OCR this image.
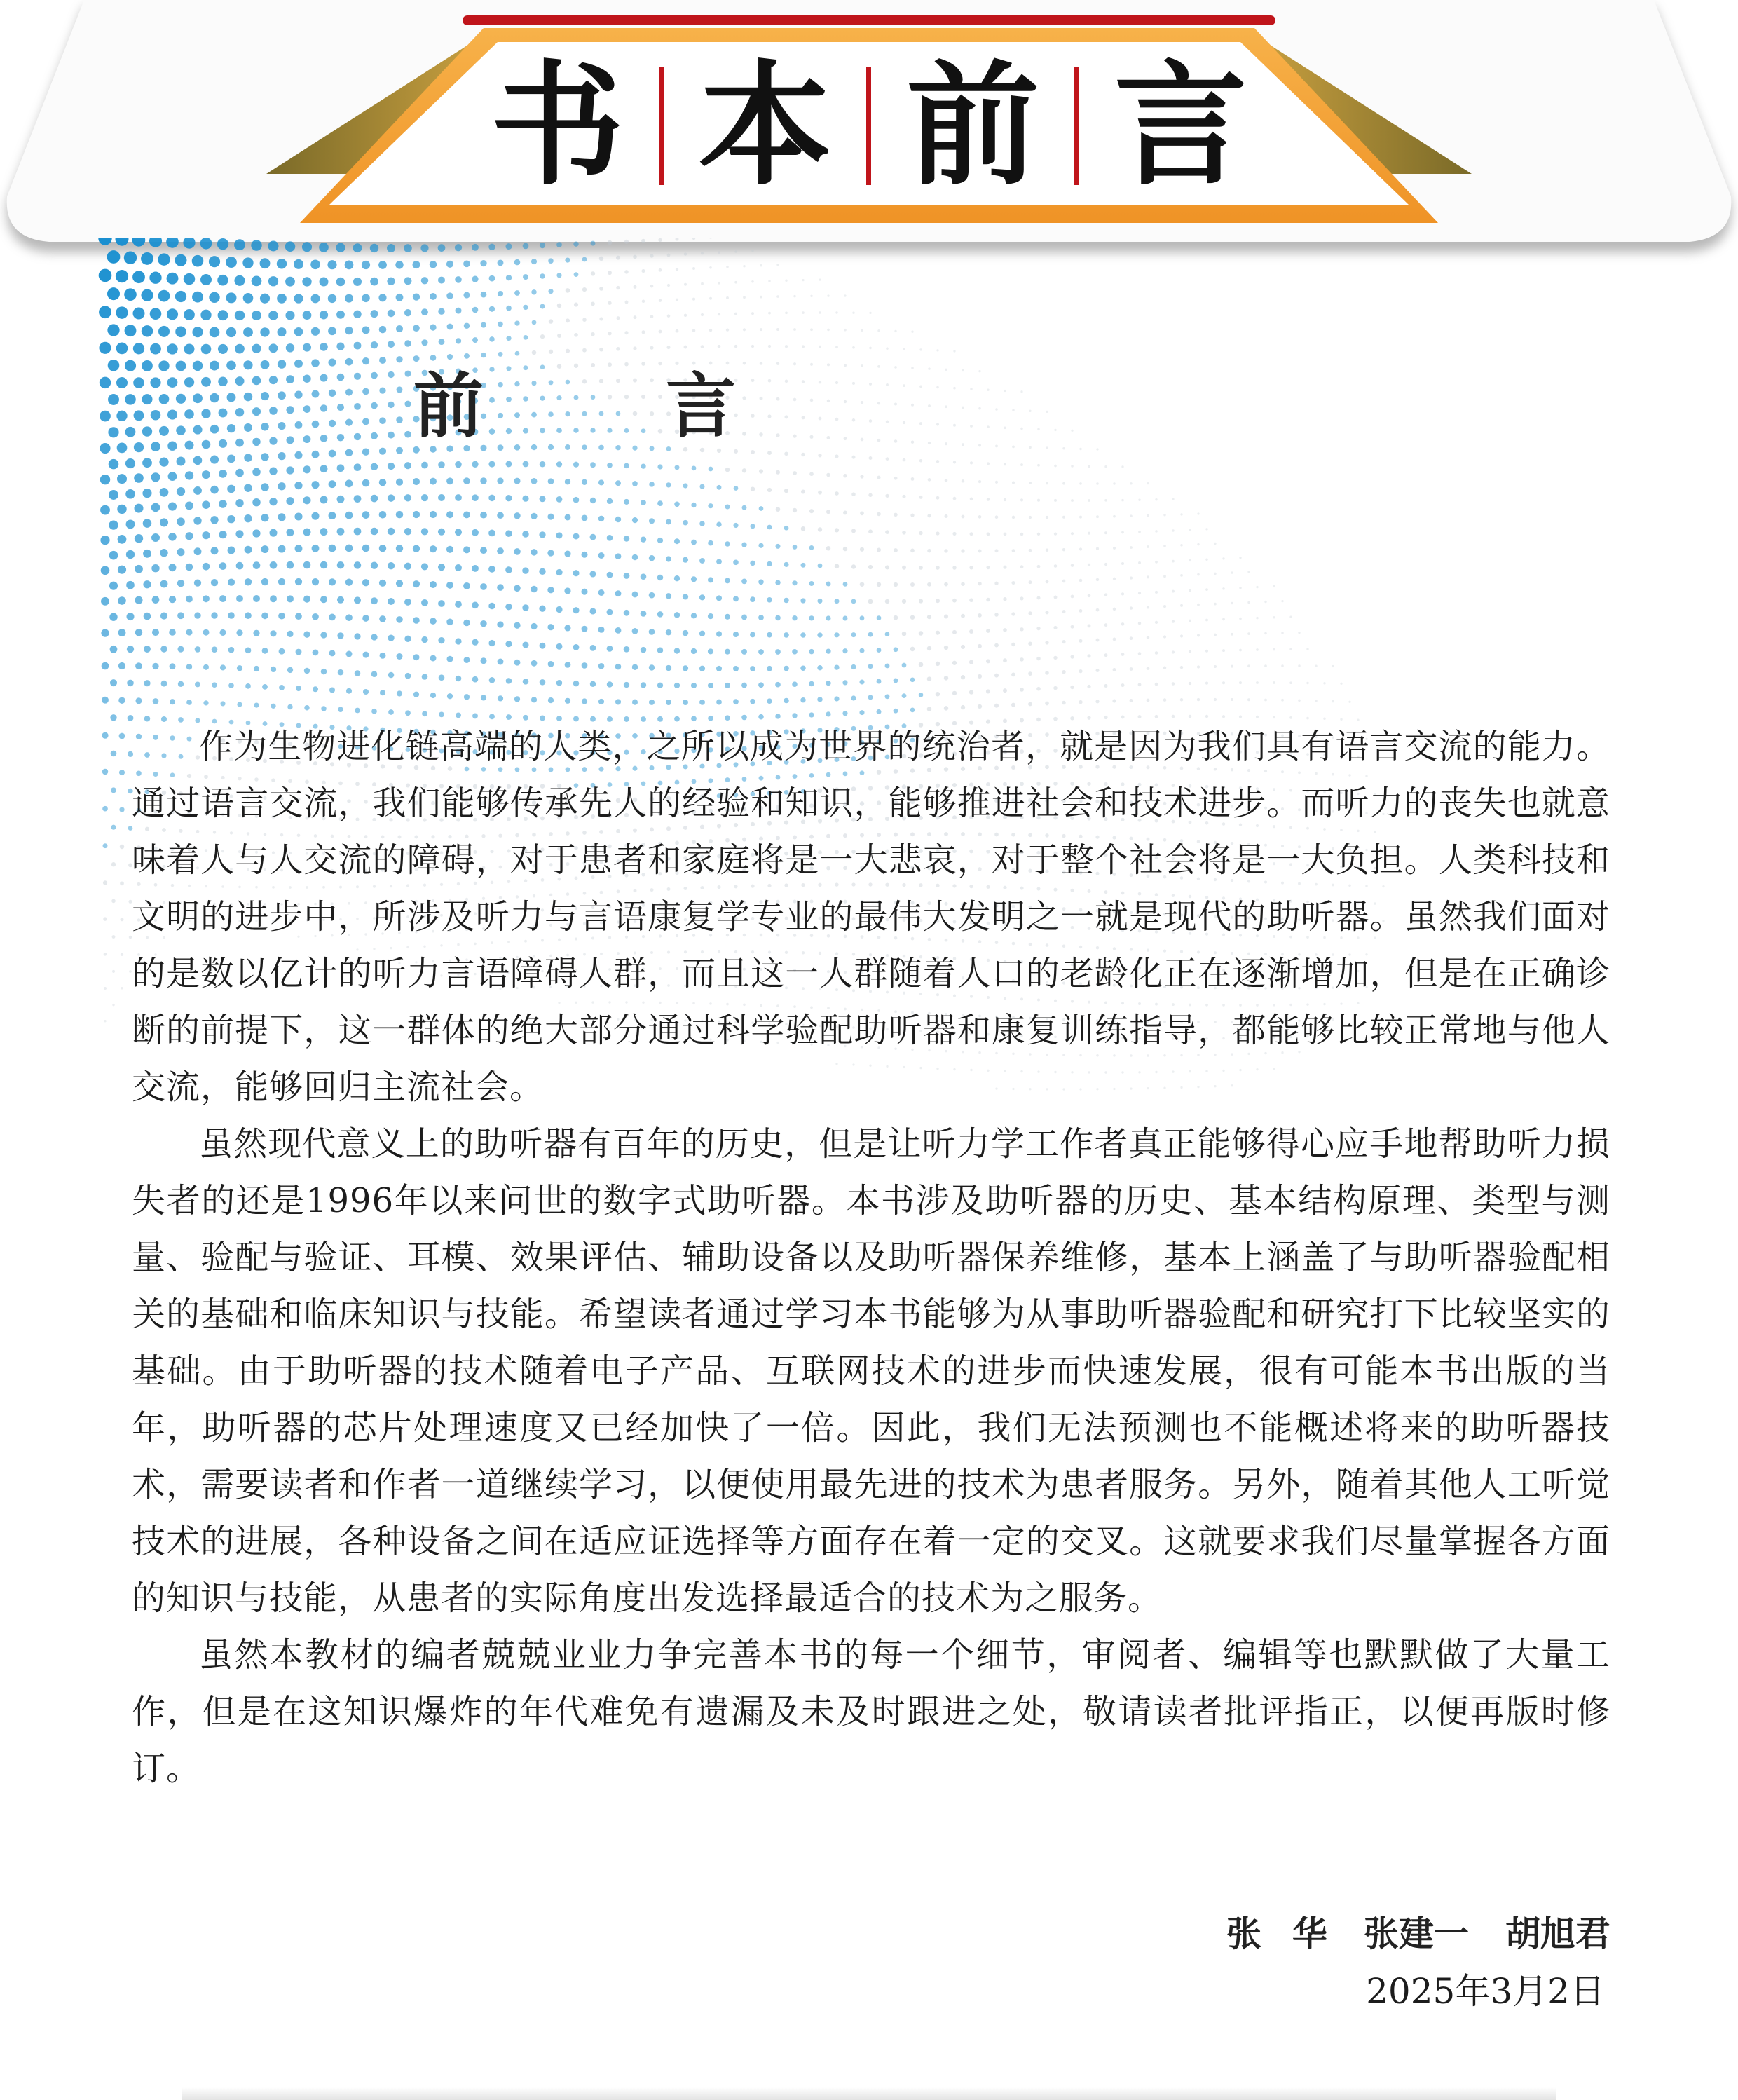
书 本 前 言
前	言

作为生物进化链高端的人类，之所以成为世界的统治者，就是因为我们具有语言交流的能力。通过语言交流，我们能够传承先人的经验和知识，能够推进社会和技术进步。而听力的丧失也就意味着人与人交流的障碍，对于患者和家庭将是一大悲哀，对于整个社会将是一大负担。人类科技和文明的进步中，所涉及听力与言语康复学专业的最伟大发明之一就是现代的助听器。虽然我们面对的是数以亿计的听力言语障碍人群，而且这一人群随着人口的老龄化正在逐渐增加，但是在正确诊断的前提下，这一群体的绝大部分通过科学验配助听器和康复训练指导，都能够比较正常地与他人交流，能够回归主流社会。

虽然现代意义上的助听器有百年的历史，但是让听力学工作者真正能够得心应手地帮助听力损失者的还是1996年以来问世的数字式助听器。本书涉及助听器的历史、基本结构原理、类型与测量、验配与验证、耳模、效果评估、辅助设备以及助听器保养维修，基本上涵盖了与助听器验配相关的基础和临床知识与技能。希望读者通过学习本书能够为从事助听器验配和研究打下比较坚实的基础。由于助听器的技术随着电子产品、互联网技术的进步而快速发展，很有可能本书出版的当年，助听器的芯片处理速度又已经加快了一倍。因此，我们无法预测也不能概述将来的助听器技术，需要读者和作者一道继续学习，以便使用最先进的技术为患者服务。另外，随着其他人工听觉技术的进展，各种设备之间在适应证选择等方面存在着一定的交叉。这就要求我们尽量掌握各方面的知识与技能，从患者的实际角度出发选择最适合的技术为之服务。

虽然本教材的编者兢兢业业力争完善本书的每一个细节，审阅者、编辑等也默默做了大量工作，但是在这知识爆炸的年代难免有遗漏及未及时跟进之处，敬请读者批评指正，以便再版时修订。

张华 张建一 胡旭君
2025年3月2日
